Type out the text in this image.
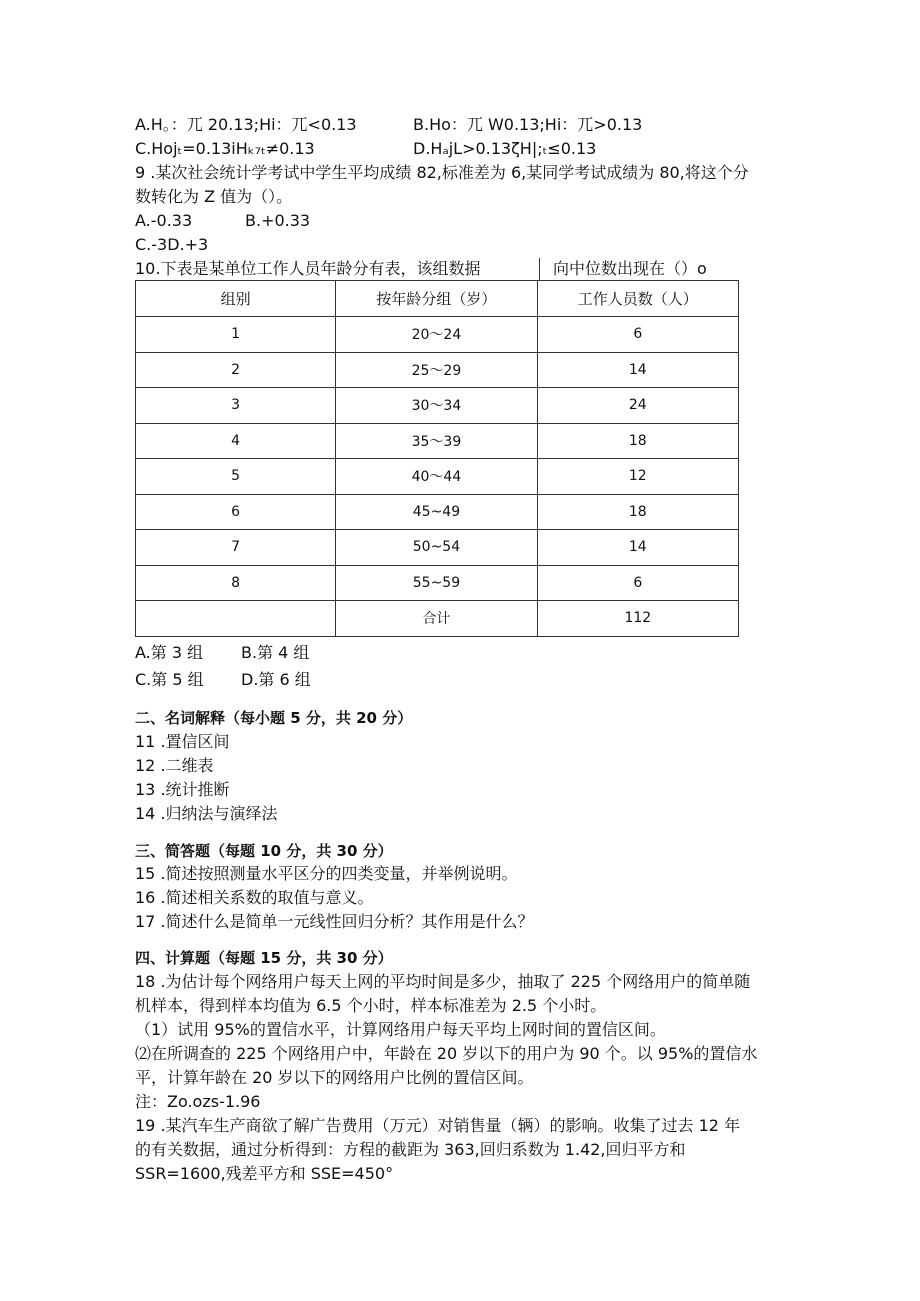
A.H。：兀 20.13;Hi：兀<0.13	B.Ho：兀 W0.13;Hi：兀>0.13
C.Hojₜ=0.13iHₖ₇ₜ≠0.13	D.HₐjL>0.13ζH|;ₜ≤0.13
9 .某次社会统计学考试中学生平均成绩 82,标准差为 6,某同学考试成绩为 80,将这个分
数转化为 Z 值为（）。
A.-0.33	B.+0.33
C.-3D.+3
10.下表是某单位工作人员年龄分有表，该组数据	向中位数出现在（）o
组别	按年龄分组（岁）	工作人员数（人）
1	20～24	6
2	25～29	14
3	30～34	24
4	35～39	18
5	40～44	12
6	45~49	18
7	50~54	14
8	55~59	6
	合计	112
A.第 3 组 B.第 4 组
C.第 5 组 D.第 6 组
二、名词解释（每小题 5 分，共 20 分）
11 .置信区间
12 .二维表
13 .统计推断
14 .归纳法与演绎法
三、简答题（每题 10 分，共 30 分）
15 .简述按照测量水平区分的四类变量，并举例说明。
16 .简述相关系数的取值与意义。
17 .简述什么是简单一元线性回归分析？其作用是什么？
四、计算题（每题 15 分，共 30 分）
18 .为估计每个网络用户每天上网的平均时间是多少，抽取了 225 个网络用户的简单随
机样本，得到样本均值为 6.5 个小时，样本标准差为 2.5 个小时。
（1）试用 95%的置信水平，计算网络用户每天平均上网时间的置信区间。
⑵在所调查的 225 个网络用户中，年龄在 20 岁以下的用户为 90 个。以 95%的置信水
平，计算年龄在 20 岁以下的网络用户比例的置信区间。
注：Zo.ozs-1.96
19 .某汽车生产商欲了解广告费用（万元）对销售量（辆）的影响。收集了过去 12 年
的有关数据，通过分析得到：方程的截距为 363,回归系数为 1.42,回归平方和
SSR=1600,残差平方和 SSE=450°
